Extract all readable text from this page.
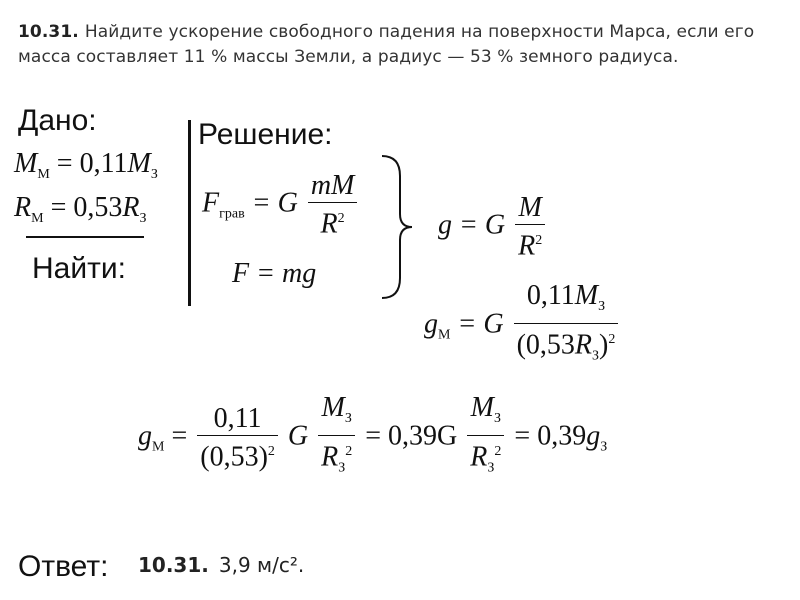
10.31. Найдите ускорение свободного падения на поверхности Марса, если его масса составляет 11 % массы Земли, а радиус — 53 % земного радиуса.
Дано:
$M_М = 0,11M_З$
$R_М = 0,53R_З$
Найти:
Решение:
$F_{грав} = G \frac{mM}{R^2}$
F = mg
g = G $\frac{M}{R^2}$
$g_М = G \frac{0,11M_З}{(0,53R_З)^2}$
$g_М = \frac{0,11}{(0,53)^2}$ G $\frac{M_З}{R_З^2} = 0,39G \frac{M_З}{R_З^2} = 0,39g_З$
Ответ: 10.31. 3,9 м/с².
